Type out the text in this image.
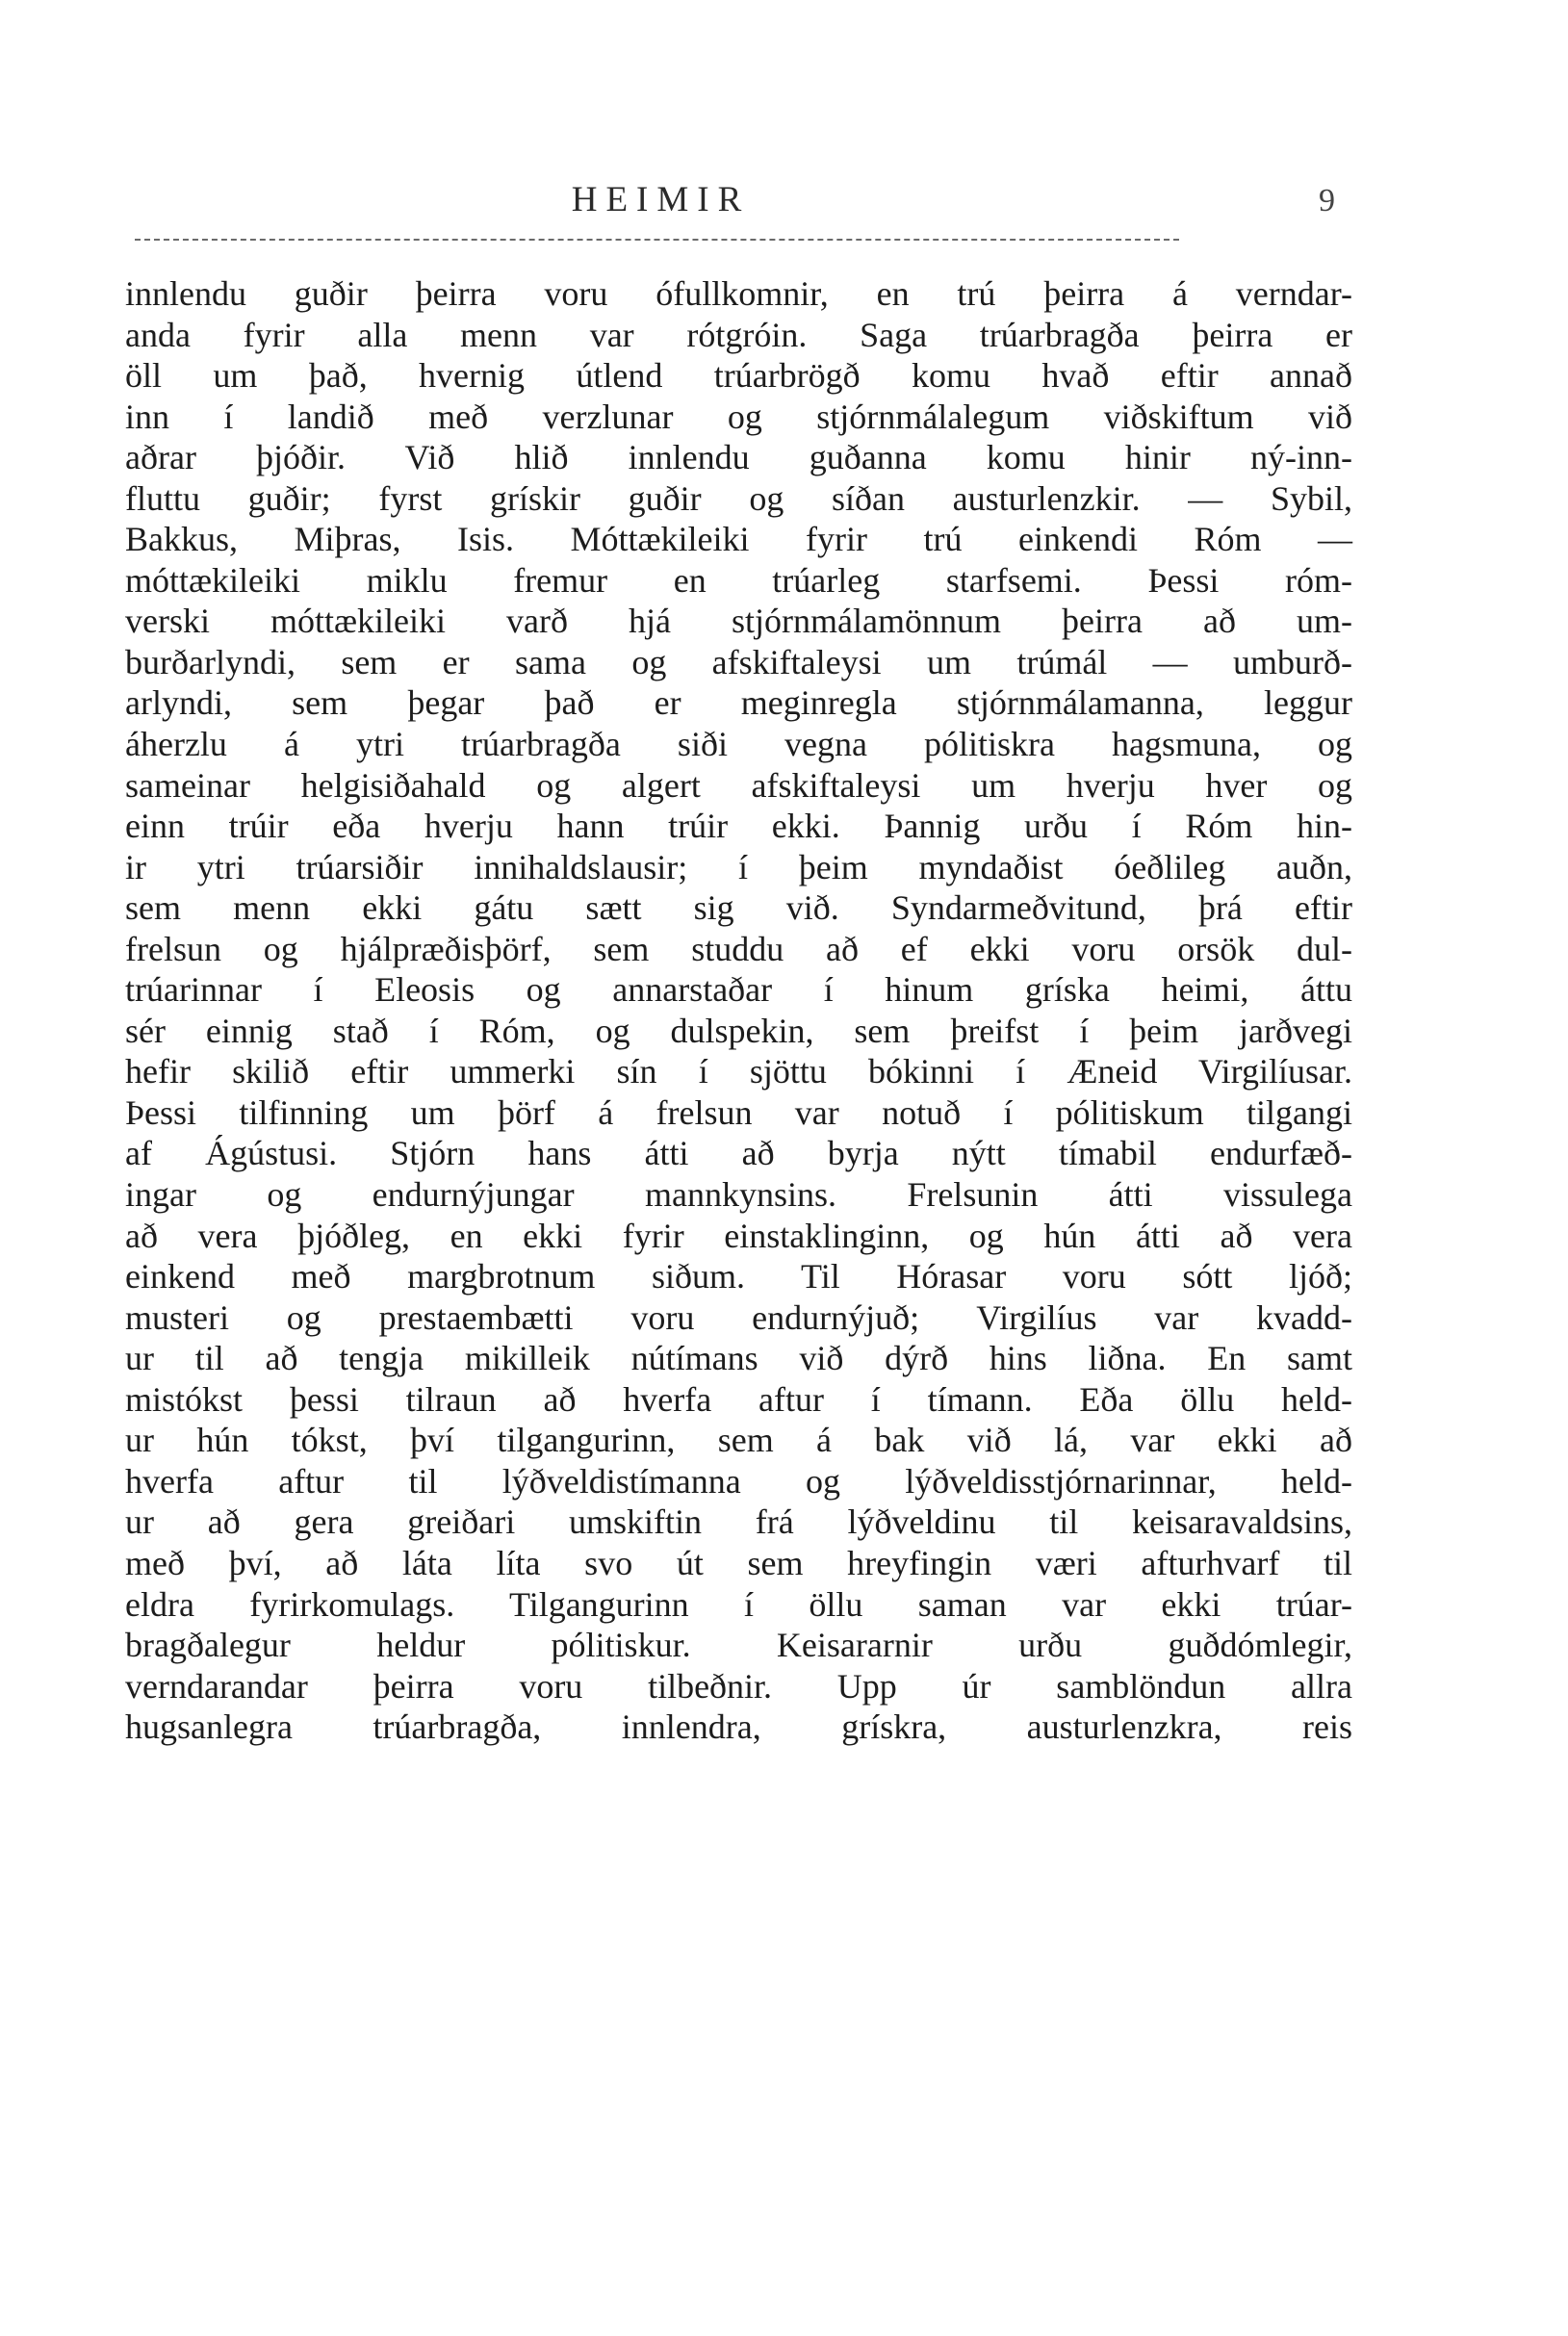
HEIMIR	9
innlendu guðir þeirra voru ófullkomnir, en trú þeirra á verndar-
anda fyrir alla menn var rótgróin. Saga trúarbragða þeirra er
öll um það, hvernig útlend trúarbrögð komu hvað eftir annað
inn í landið með verzlunar og stjórnmálalegum viðskiftum við
aðrar þjóðir. Við hlið innlendu guðanna komu hinir ný-inn-
fluttu guðir; fyrst grískir guðir og síðan austurlenzkir. — Sybil,
Bakkus, Miþras, Isis. Móttækileiki fyrir trú einkendi Róm —
móttækileiki miklu fremur en trúarleg starfsemi. Þessi róm-
verski móttækileiki varð hjá stjórnmálamönnum þeirra að um-
burðarlyndi, sem er sama og afskiftaleysi um trúmál — umburð-
arlyndi, sem þegar það er meginregla stjórnmálamanna, leggur
áherzlu á ytri trúarbragða siði vegna pólitiskra hagsmuna, og
sameinar helgisiðahald og algert afskiftaleysi um hverju hver og
einn trúir eða hverju hann trúir ekki. Þannig urðu í Róm hin-
ir ytri trúarsiðir innihaldslausir; í þeim myndaðist óeðlileg auðn,
sem menn ekki gátu sætt sig við. Syndarmeðvitund, þrá eftir
frelsun og hjálpræðisþörf, sem studdu að ef ekki voru orsök dul-
trúarinnar í Eleosis og annarstaðar í hinum gríska heimi, áttu
sér einnig stað í Róm, og dulspekin, sem þreifst í þeim jarðvegi
hefir skilið eftir ummerki sín í sjöttu bókinni í Æneid Virgilíusar.
Þessi tilfinning um þörf á frelsun var notuð í pólitiskum tilgangi
af Ágústusi. Stjórn hans átti að byrja nýtt tímabil endurfæð-
ingar og endurnýjungar mannkynsins. Frelsunin átti vissulega
að vera þjóðleg, en ekki fyrir einstaklinginn, og hún átti að vera
einkend með margbrotnum siðum. Til Hórasar voru sótt ljóð;
musteri og prestaembætti voru endurnýjuð; Virgilíus var kvadd-
ur til að tengja mikilleik nútímans við dýrð hins liðna. En samt
mistókst þessi tilraun að hverfa aftur í tímann. Eða öllu held-
ur hún tókst, því tilgangurinn, sem á bak við lá, var ekki að
hverfa aftur til lýðveldistímanna og lýðveldisstjórnarinnar, held-
ur að gera greiðari umskiftin frá lýðveldinu til keisaravaldsins,
með því, að láta líta svo út sem hreyfingin væri afturhvarf til
eldra fyrirkomulags. Tilgangurinn í öllu saman var ekki trúar-
bragðalegur heldur pólitiskur. Keisararnir urðu guðdómlegir,
verndarandar þeirra voru tilbeðnir. Upp úr samblöndun allra
hugsanlegra trúarbragða, innlendra, grískra, austurlenzkra, reis
